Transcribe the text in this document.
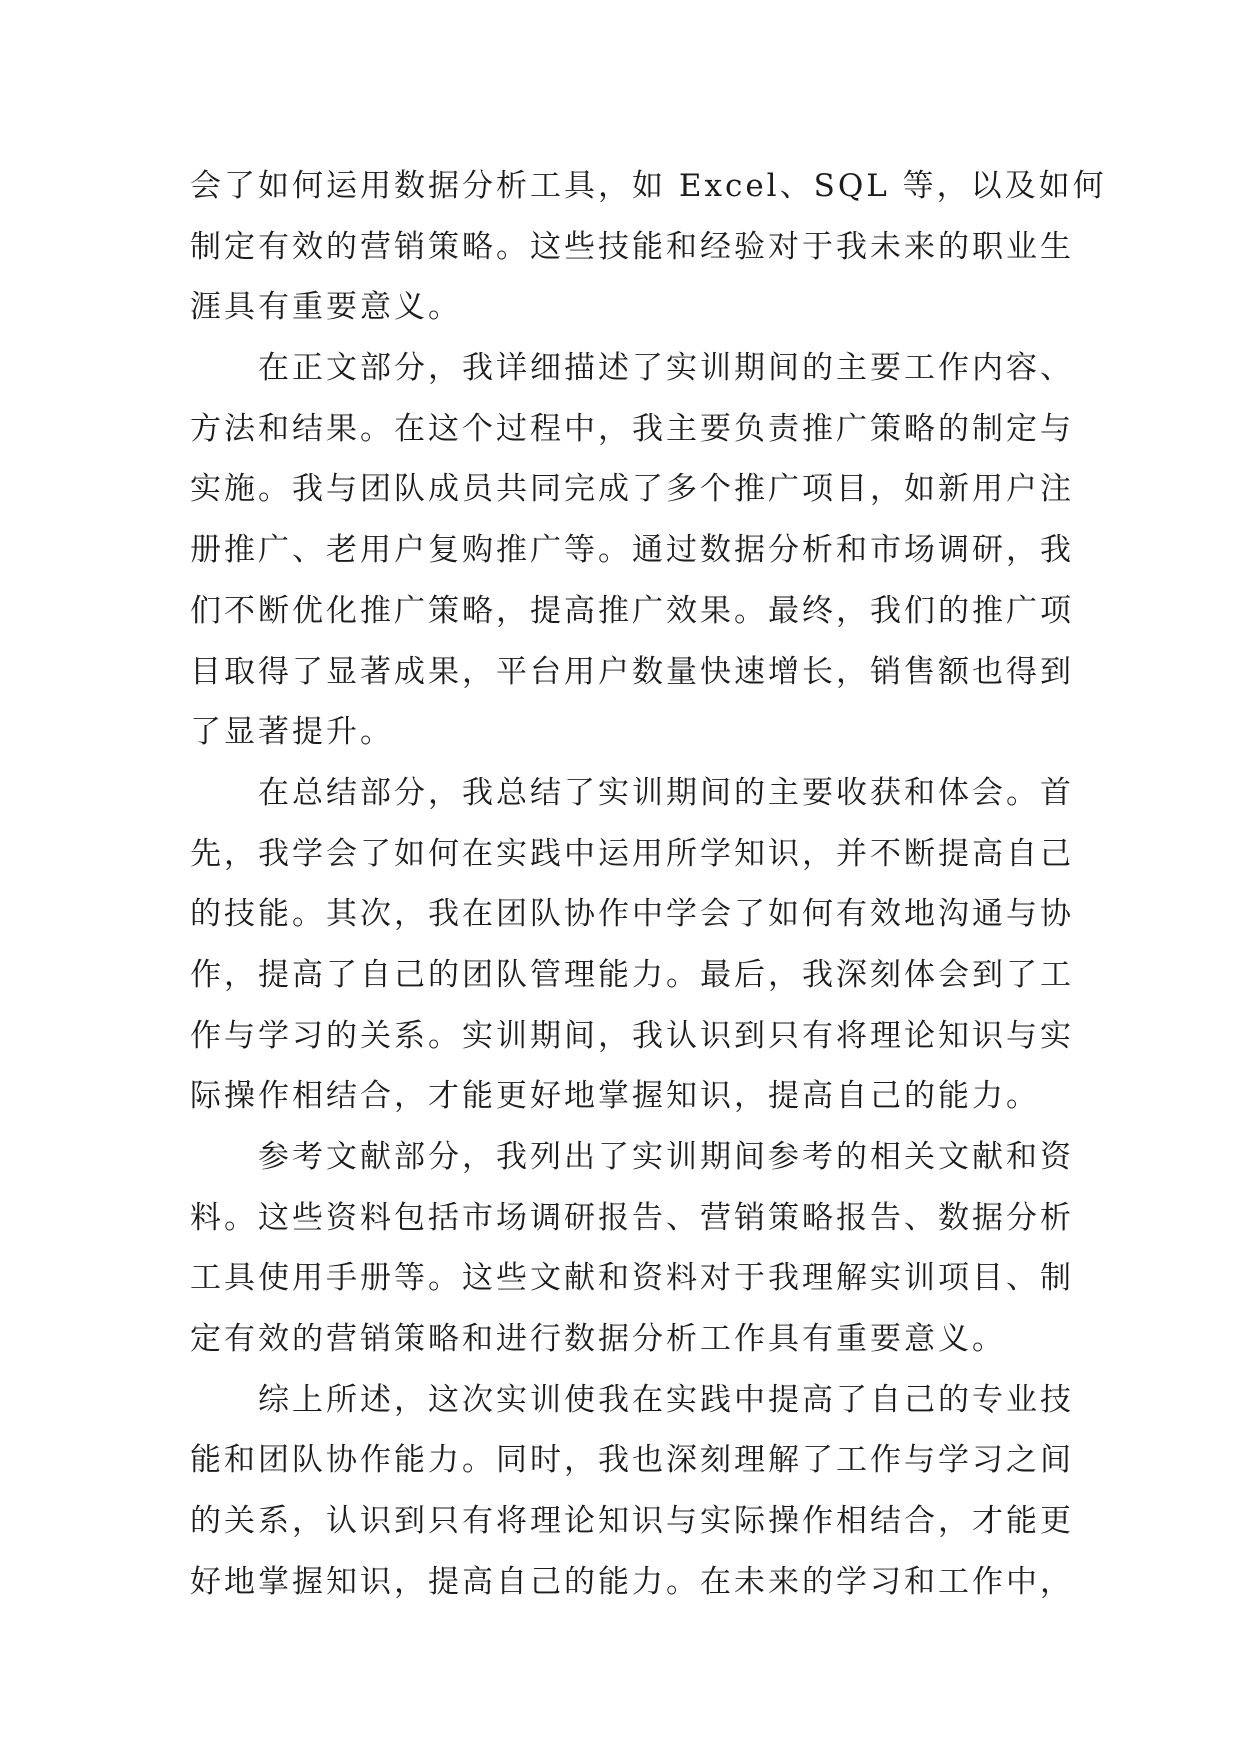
会了如何运用数据分析工具，如 Excel、SQL 等，以及如何
制定有效的营销策略。这些技能和经验对于我未来的职业生
涯具有重要意义。
　　在正文部分，我详细描述了实训期间的主要工作内容、
方法和结果。在这个过程中，我主要负责推广策略的制定与
实施。我与团队成员共同完成了多个推广项目，如新用户注
册推广、老用户复购推广等。通过数据分析和市场调研，我
们不断优化推广策略，提高推广效果。最终，我们的推广项
目取得了显著成果，平台用户数量快速增长，销售额也得到
了显著提升。
　　在总结部分，我总结了实训期间的主要收获和体会。首
先，我学会了如何在实践中运用所学知识，并不断提高自己
的技能。其次，我在团队协作中学会了如何有效地沟通与协
作，提高了自己的团队管理能力。最后，我深刻体会到了工
作与学习的关系。实训期间，我认识到只有将理论知识与实
际操作相结合，才能更好地掌握知识，提高自己的能力。
　　参考文献部分，我列出了实训期间参考的相关文献和资
料。这些资料包括市场调研报告、营销策略报告、数据分析
工具使用手册等。这些文献和资料对于我理解实训项目、制
定有效的营销策略和进行数据分析工作具有重要意义。
　　综上所述，这次实训使我在实践中提高了自己的专业技
能和团队协作能力。同时，我也深刻理解了工作与学习之间
的关系，认识到只有将理论知识与实际操作相结合，才能更
好地掌握知识，提高自己的能力。在未来的学习和工作中，
